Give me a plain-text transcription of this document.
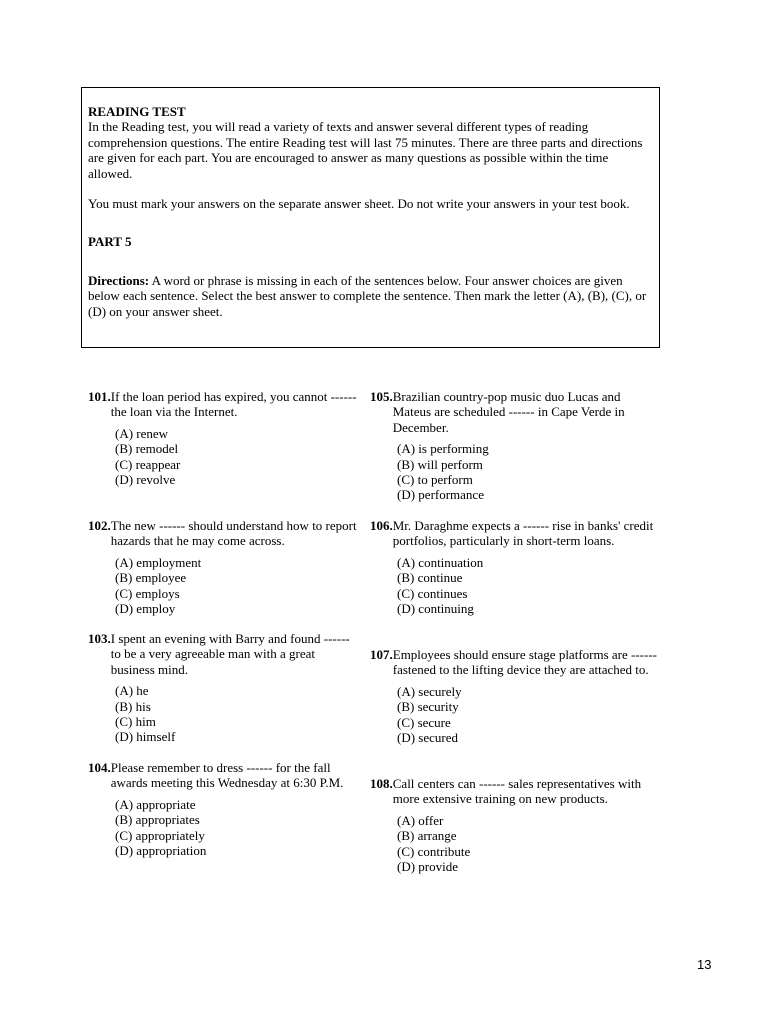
READING TEST

In the Reading test, you will read a variety of texts and answer several different types of reading comprehension questions. The entire Reading test will last 75 minutes. There are three parts and directions are given for each part. You are encouraged to answer as many questions as possible within the time allowed.

You must mark your answers on the separate answer sheet. Do not write your answers in your test book.

PART 5

Directions: A word or phrase is missing in each of the sentences below. Four answer choices are given below each sentence. Select the best answer to complete the sentence. Then mark the letter (A), (B), (C), or (D) on your answer sheet.

101. If the loan period has expired, you cannot ------ the loan via the Internet.
(A) renew
(B) remodel
(C) reappear
(D) revolve
102. The new ------ should understand how to report hazards that he may come across.
(A) employment
(B) employee
(C) employs
(D) employ
103. I spent an evening with Barry and found ------ to be a very agreeable man with a great business mind.
(A) he
(B) his
(C) him
(D) himself
104. Please remember to dress ------ for the fall awards meeting this Wednesday at 6:30 P.M.
(A) appropriate
(B) appropriates
(C) appropriately
(D) appropriation
105. Brazilian country-pop music duo Lucas and Mateus are scheduled ------ in Cape Verde in December.
(A) is performing
(B) will perform
(C) to perform
(D) performance
106. Mr. Daraghme expects a ------ rise in banks' credit portfolios, particularly in short-term loans.
(A) continuation
(B) continue
(C) continues
(D) continuing
107. Employees should ensure stage platforms are ------ fastened to the lifting device they are attached to.
(A) securely
(B) security
(C) secure
(D) secured
108. Call centers can ------ sales representatives with more extensive training on new products.
(A) offer
(B) arrange
(C) contribute
(D) provide
13
